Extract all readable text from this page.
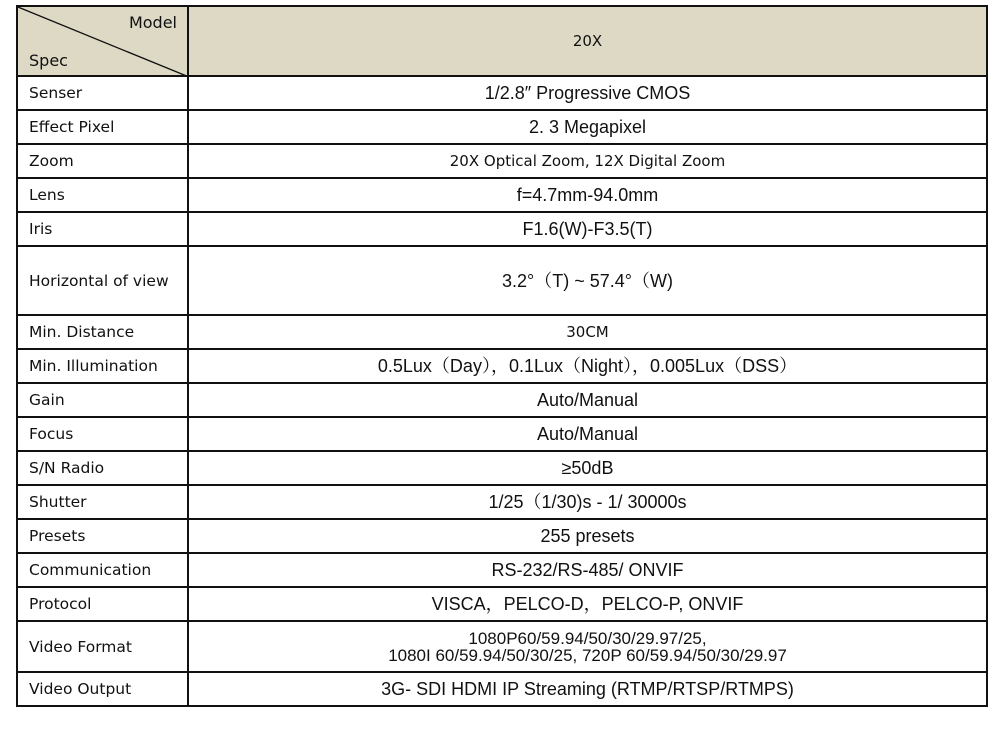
Model
Spec	20X
Senser	1/2.8″ Progressive CMOS
Effect Pixel	2. 3 Megapixel
Zoom	20X Optical Zoom, 12X Digital Zoom
Lens	f=4.7mm-94.0mm
Iris	F1.6(W)-F3.5(T)
Horizontal of view	3.2°（T) ~ 57.4°（W)
Min. Distance	30CM
Min. Illumination	0.5Lux（Day），0.1Lux（Night），0.005Lux（DSS）
Gain	Auto/Manual
Focus	Auto/Manual
S/N Radio	≥50dB
Shutter	1/25（1/30)s - 1/ 30000s
Presets	255 presets
Communication	RS-232/RS-485/ ONVIF
Protocol	VISCA，PELCO-D，PELCO-P, ONVIF
Video Format	1080P60/59.94/50/30/29.97/25,
1080I 60/59.94/50/30/25, 720P 60/59.94/50/30/29.97

Video Output	3G- SDI HDMI IP Streaming (RTMP/RTSP/RTMPS)
